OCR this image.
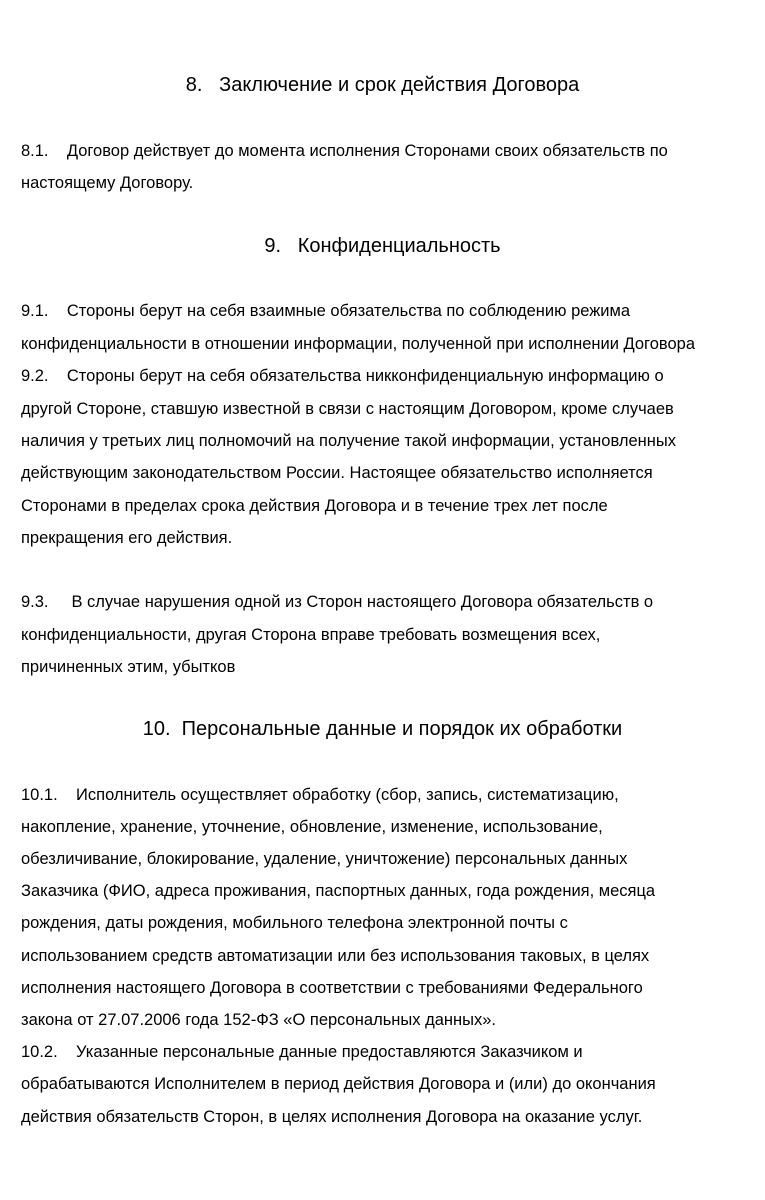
8.   Заключение и срок действия Договора
8.1.    Договор действует до момента исполнения Сторонами своих обязательств по
настоящему Договору.
9.   Конфиденциальность
9.1.    Стороны берут на себя взаимные обязательства по соблюдению режима
конфиденциальности в отношении информации, полученной при исполнении Договора
9.2.    Стороны берут на себя обязательства никконфиденциальную информацию о
другой Стороне, ставшую известной в связи с настоящим Договором, кроме случаев
наличия у третьих лиц полномочий на получение такой информации, установленных
действующим законодательством России. Настоящее обязательство исполняется
Сторонами в пределах срока действия Договора и в течение трех лет после
прекращения его действия.
9.3.     В случае нарушения одной из Сторон настоящего Договора обязательств о
конфиденциальности, другая Сторона вправе требовать возмещения всех,
причиненных этим, убытков
10.  Персональные данные и порядок их обработки
10.1.    Исполнитель осуществляет обработку (сбор, запись, систематизацию,
накопление, хранение, уточнение, обновление, изменение, использование,
обезличивание, блокирование, удаление, уничтожение) персональных данных
Заказчика (ФИО, адреса проживания, паспортных данных, года рождения, месяца
рождения, даты рождения, мобильного телефона электронной почты с
использованием средств автоматизации или без использования таковых, в целях
исполнения настоящего Договора в соответствии с требованиями Федерального
закона от 27.07.2006 года 152-ФЗ «О персональных данных».
10.2.    Указанные персональные данные предоставляются Заказчиком и
обрабатываются Исполнителем в период действия Договора и (или) до окончания
действия обязательств Сторон, в целях исполнения Договора на оказание услуг.
